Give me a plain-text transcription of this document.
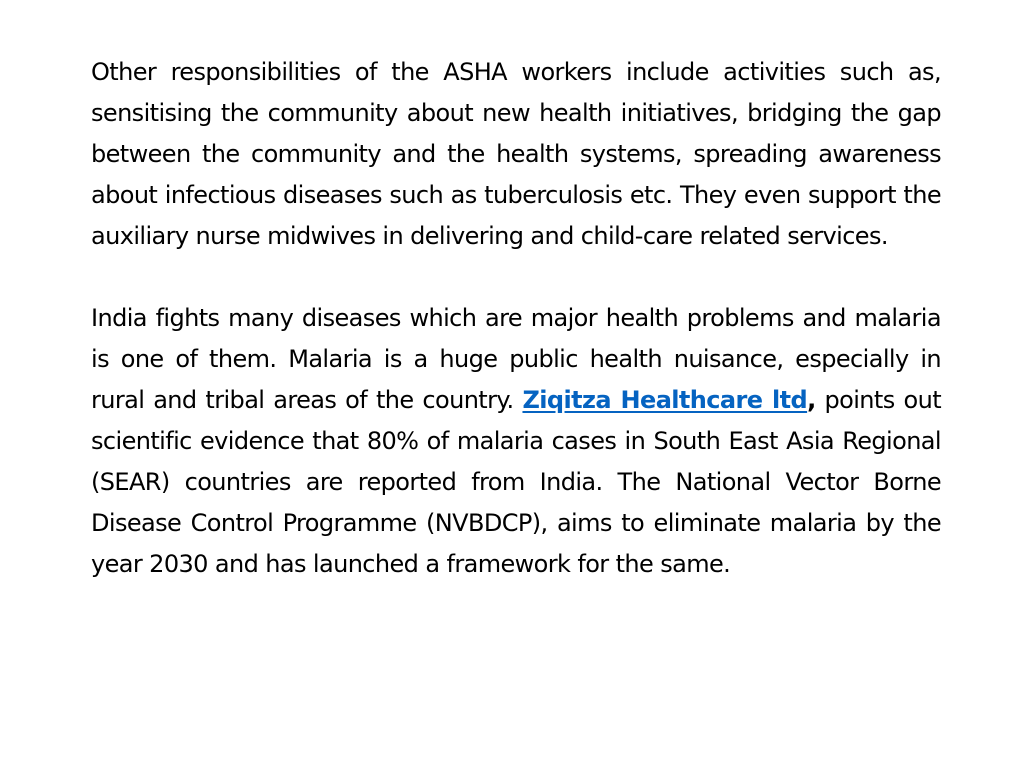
Other responsibilities of the ASHA workers include activities such as, sensitising the community about new health initiatives, bridging the gap between the community and the health systems, spreading awareness about infectious diseases such as tuberculosis etc. They even support the auxiliary nurse midwives in delivering and child-care related services.

India fights many diseases which are major health problems and malaria is one of them. Malaria is a huge public health nuisance, especially in rural and tribal areas of the country. Ziqitza Healthcare ltd, points out scientific evidence that 80% of malaria cases in South East Asia Regional (SEAR) countries are reported from India. The National Vector Borne Disease Control Programme (NVBDCP), aims to eliminate malaria by the year 2030 and has launched a framework for the same.
